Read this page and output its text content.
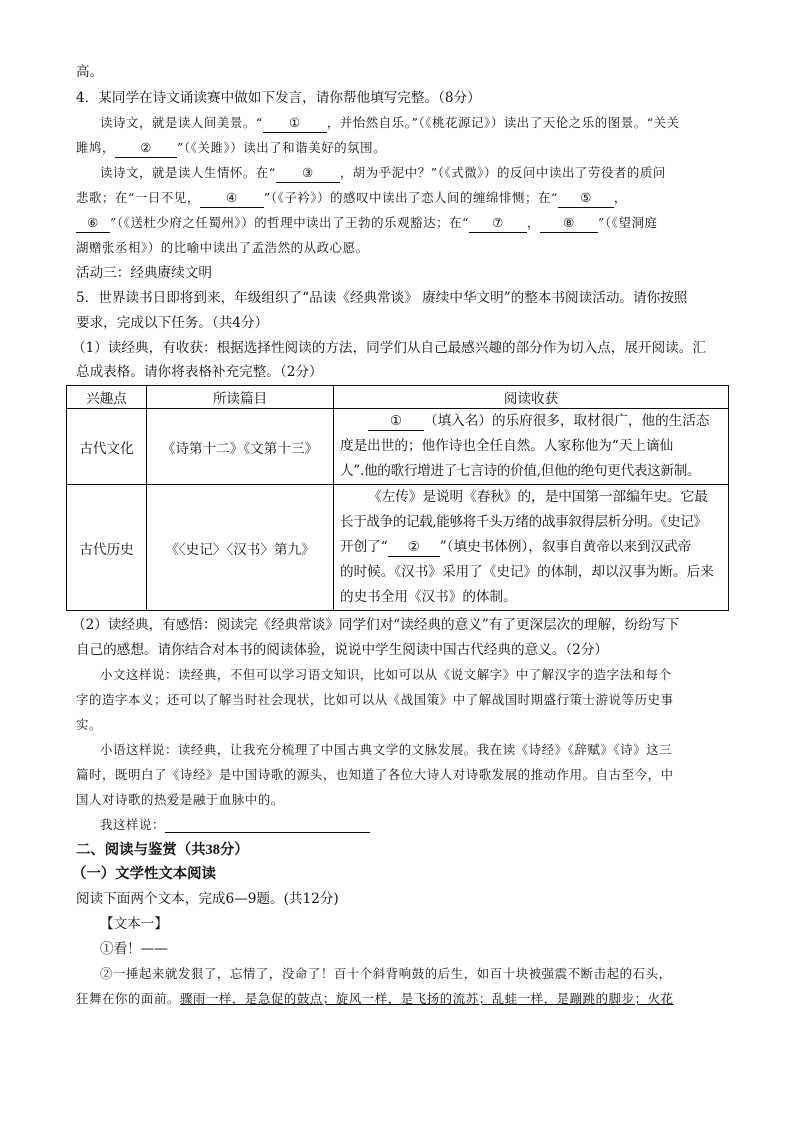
高。
4．某同学在诗文诵读赛中做如下发言，请你帮他填写完整。（8分）
读诗文，就是读人间美景。“ ① ，并怡然自乐。”（《桃花源记》）读出了天伦之乐的图景。“关关
雎鸠， ② ”（《关雎》）读出了和谐美好的氛围。
读诗文，就是读人生情怀。在“ ③ ，胡为乎泥中？”（《式微》）的反问中读出了劳役者的质问
悲歌；在“一日不见， ④ ”（《子衿》）的感叹中读出了恋人间的缠绵悱恻；在“ ⑤ ，
⑥ ”（《送杜少府之任蜀州》）的哲理中读出了王勃的乐观豁达；在“ ⑦ ， ⑧ ”（《望洞庭
湖赠张丞相》）的比喻中读出了孟浩然的从政心愿。
活动三：经典赓续文明
5．世界读书日即将到来，年级组织了“品读《经典常谈》 赓续中华文明”的整本书阅读活动。请你按照
要求，完成以下任务。（共4分）
（1）读经典，有收获：根据选择性阅读的方法，同学们从自己最感兴趣的部分作为切入点，展开阅读。汇
总成表格。请你将表格补充完整。（2分）
兴趣点	所读篇目	阅读收获
古代文化	《诗第十二》《文第十三》	① （填入名）的乐府很多，取材很广，他的生活态
度是出世的；他作诗也全任自然。人家称他为“天上谪仙
人”.他的歌行增进了七言诗的价值,但他的绝句更代表这新制。

古代历史	《〈史记〉〈汉书〉第九》	《左传》是说明《春秋》的，是中国第一部编年史。它最
长于战争的记载,能够将千头万绪的战事叙得层析分明。《史记》
开创了“ ② ”（填史书体例），叙事自黄帝以来到汉武帝
的时候。《汉书》采用了《史记》的体制，却以汉事为断。后来
的史书全用《汉书》的体制。
（2）读经典，有感悟：阅读完《经典常谈》同学们对“读经典的意义”有了更深层次的理解，纷纷写下
自己的感想。请你结合对本书的阅读体验，说说中学生阅读中国古代经典的意义。（2分）
小文这样说：读经典，不但可以学习语文知识，比如可以从《说文解字》中了解汉字的造字法和每个
字的造字本义；还可以了解当时社会现状，比如可以从《战国策》中了解战国时期盛行策士游说等历史事
实。
小语这样说：读经典，让我充分梳理了中国古典文学的文脉发展。我在读《诗经》《辞赋》《诗》这三
篇时，既明白了《诗经》是中国诗歌的源头，也知道了各位大诗人对诗歌发展的推动作用。自古至今，中
国人对诗歌的热爱是融于血脉中的。
我这样说：
二、阅读与鉴赏（共38分）
（一）文学性文本阅读
阅读下面两个文本，完成6—9题。(共12分)
【文本一】
①看！——
②一捶起来就发狠了，忘情了，没命了！百十个斜背响鼓的后生，如百十块被强震不断击起的石头，
狂舞在你的面前。骤雨一样，是急促的鼓点；旋风一样，是飞扬的流苏；乱蛙一样，是蹦跳的脚步；火花
